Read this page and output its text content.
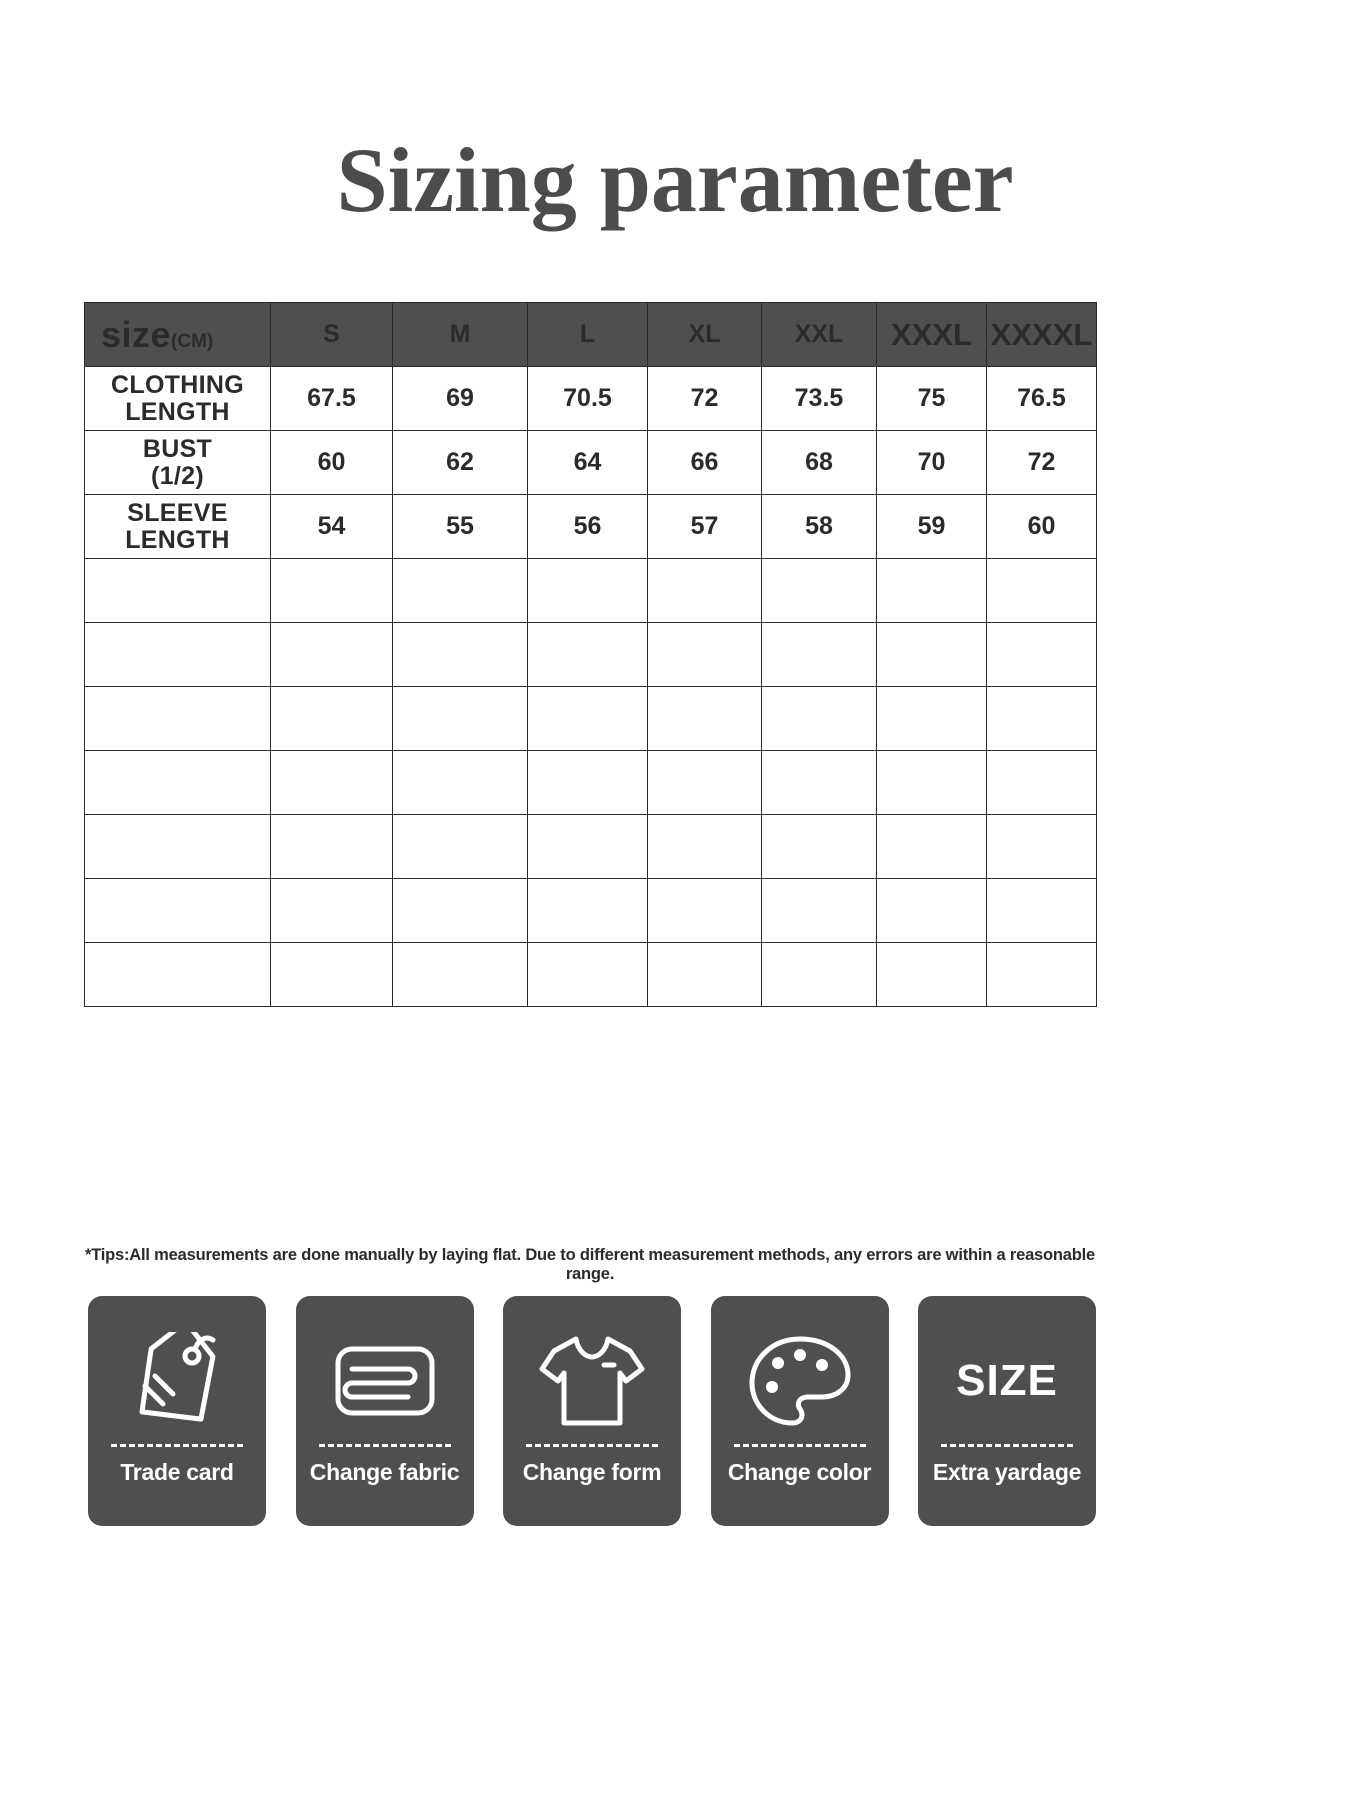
Sizing parameter
size(CM)	S	M	L	XL	XXL	XXXL	XXXXL

CLOTHING
LENGTH	67.5	69	70.5	72	73.5	75	76.5

BUST
(1/2)	60	62	64	66	68	70	72

SLEEVE
LENGTH	54	55	56	57	58	59	60

*Tips:All measurements are done manually by laying flat. Due to different measurement methods, any errors are within a reasonable range.
Trade card	Change fabric	Change form	Change color
SIZE
Extra yardage
